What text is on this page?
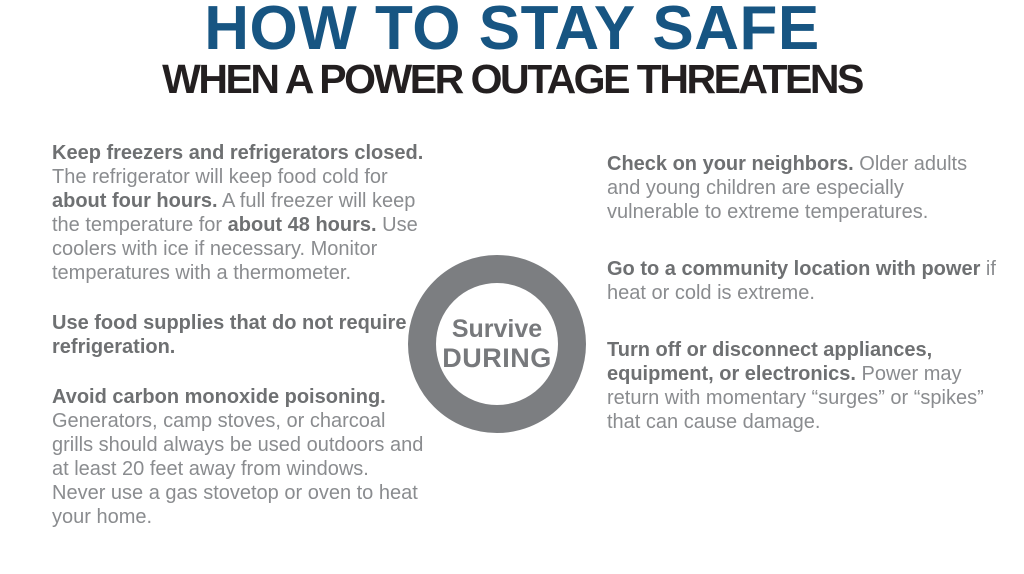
HOW TO STAY SAFE
WHEN A POWER OUTAGE THREATENS

Keep freezers and refrigerators closed. The refrigerator will keep food cold for about four hours. A full freezer will keep the temperature for about 48 hours. Use coolers with ice if necessary. Monitor temperatures with a thermometer.

Use food supplies that do not require refrigeration.

Avoid carbon monoxide poisoning. Generators, camp stoves, or charcoal grills should always be used outdoors and at least 20 feet away from windows. Never use a gas stovetop or oven to heat your home.

Survive
DURING

Check on your neighbors. Older adults and young children are especially vulnerable to extreme temperatures.

Go to a community location with power if heat or cold is extreme.

Turn off or disconnect appliances, equipment, or electronics. Power may return with momentary “surges” or “spikes” that can cause damage.
